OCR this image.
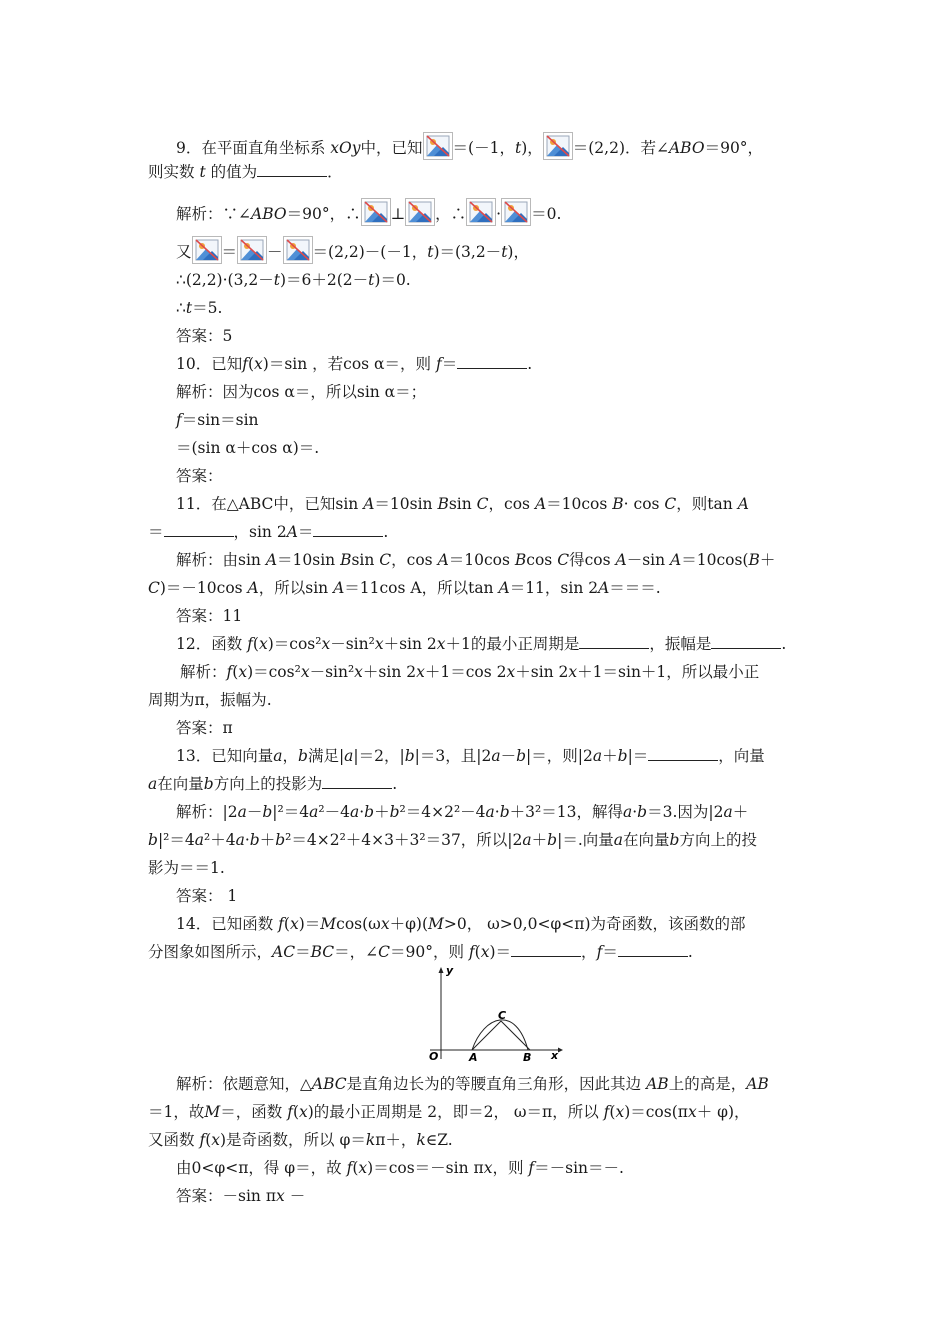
9．在平面直角坐标系 xOy中，已知 ＝(－1，t)， ＝(2,2)．若∠ABO＝90°，
则实数 t 的值为	．
解析：∵∠ABO＝90°，∴ ⊥ ，∴ · ＝0.
又 ＝ － ＝(2,2)－(－1，t)＝(3,2－t)，
∴(2,2)·(3,2－t)＝6＋2(2－t)＝0.
∴t＝5.
答案：5
10．已知f(x)＝sin ，若cos α＝，则 f＝	.
解析：因为cos α＝，所以sin α＝；
f＝sin＝sin
＝(sin α＋cos α)＝.
答案：
11．在△ABC中，已知sin A＝10sin Bsin C，cos A＝10cos B· cos C，则tan A
＝	，sin 2A＝	.
解析：由sin A＝10sin Bsin C，cos A＝10cos Bcos C得cos A－sin A＝10cos(B＋
C)＝－10cos A，所以sin A＝11cos A，所以tan A＝11，sin 2A＝＝＝.
答案：11
12．函数 f(x)＝cos²x－sin²x＋sin 2x＋1的最小正周期是	，振幅是	.
解析：f(x)＝cos²x－sin²x＋sin 2x＋1＝cos 2x＋sin 2x＋1＝sin＋1，所以最小正
周期为π，振幅为.
答案：π
13．已知向量a，b满足|a|＝2，|b|＝3，且|2a－b|＝，则|2a＋b|＝	，向量
a在向量b方向上的投影为	.
解析：|2a－b|²＝4a²－4a·b＋b²＝4×2²－4a·b＋3²＝13，解得a·b＝3.因为|2a＋
b|²＝4a²＋4a·b＋b²＝4×2²＋4×3＋3²＝37，所以|2a＋b|＝.向量a在向量b方向上的投
影为＝＝1.
答案： 1
14．已知函数 f(x)＝Mcos(ωx＋φ)(M>0， ω>0,0<φ<π)为奇函数，该函数的部
分图象如图所示，AC＝BC＝，∠C＝90°，则 f(x)＝	，f＝	.
解析：依题意知，△ABC是直角边长为的等腰直角三角形，因此其边 AB上的高是，AB
＝1，故M＝，函数 f(x)的最小正周期是 2，即＝2， ω＝π，所以 f(x)＝cos(πx＋ φ)，
又函数 f(x)是奇函数，所以 φ＝kπ＋，k∈Z.
由0<φ<π，得 φ＝，故 f(x)＝cos＝－sin πx，则 f＝－sin＝－.
答案：－sin πx －
y
x
O	A	B
C
